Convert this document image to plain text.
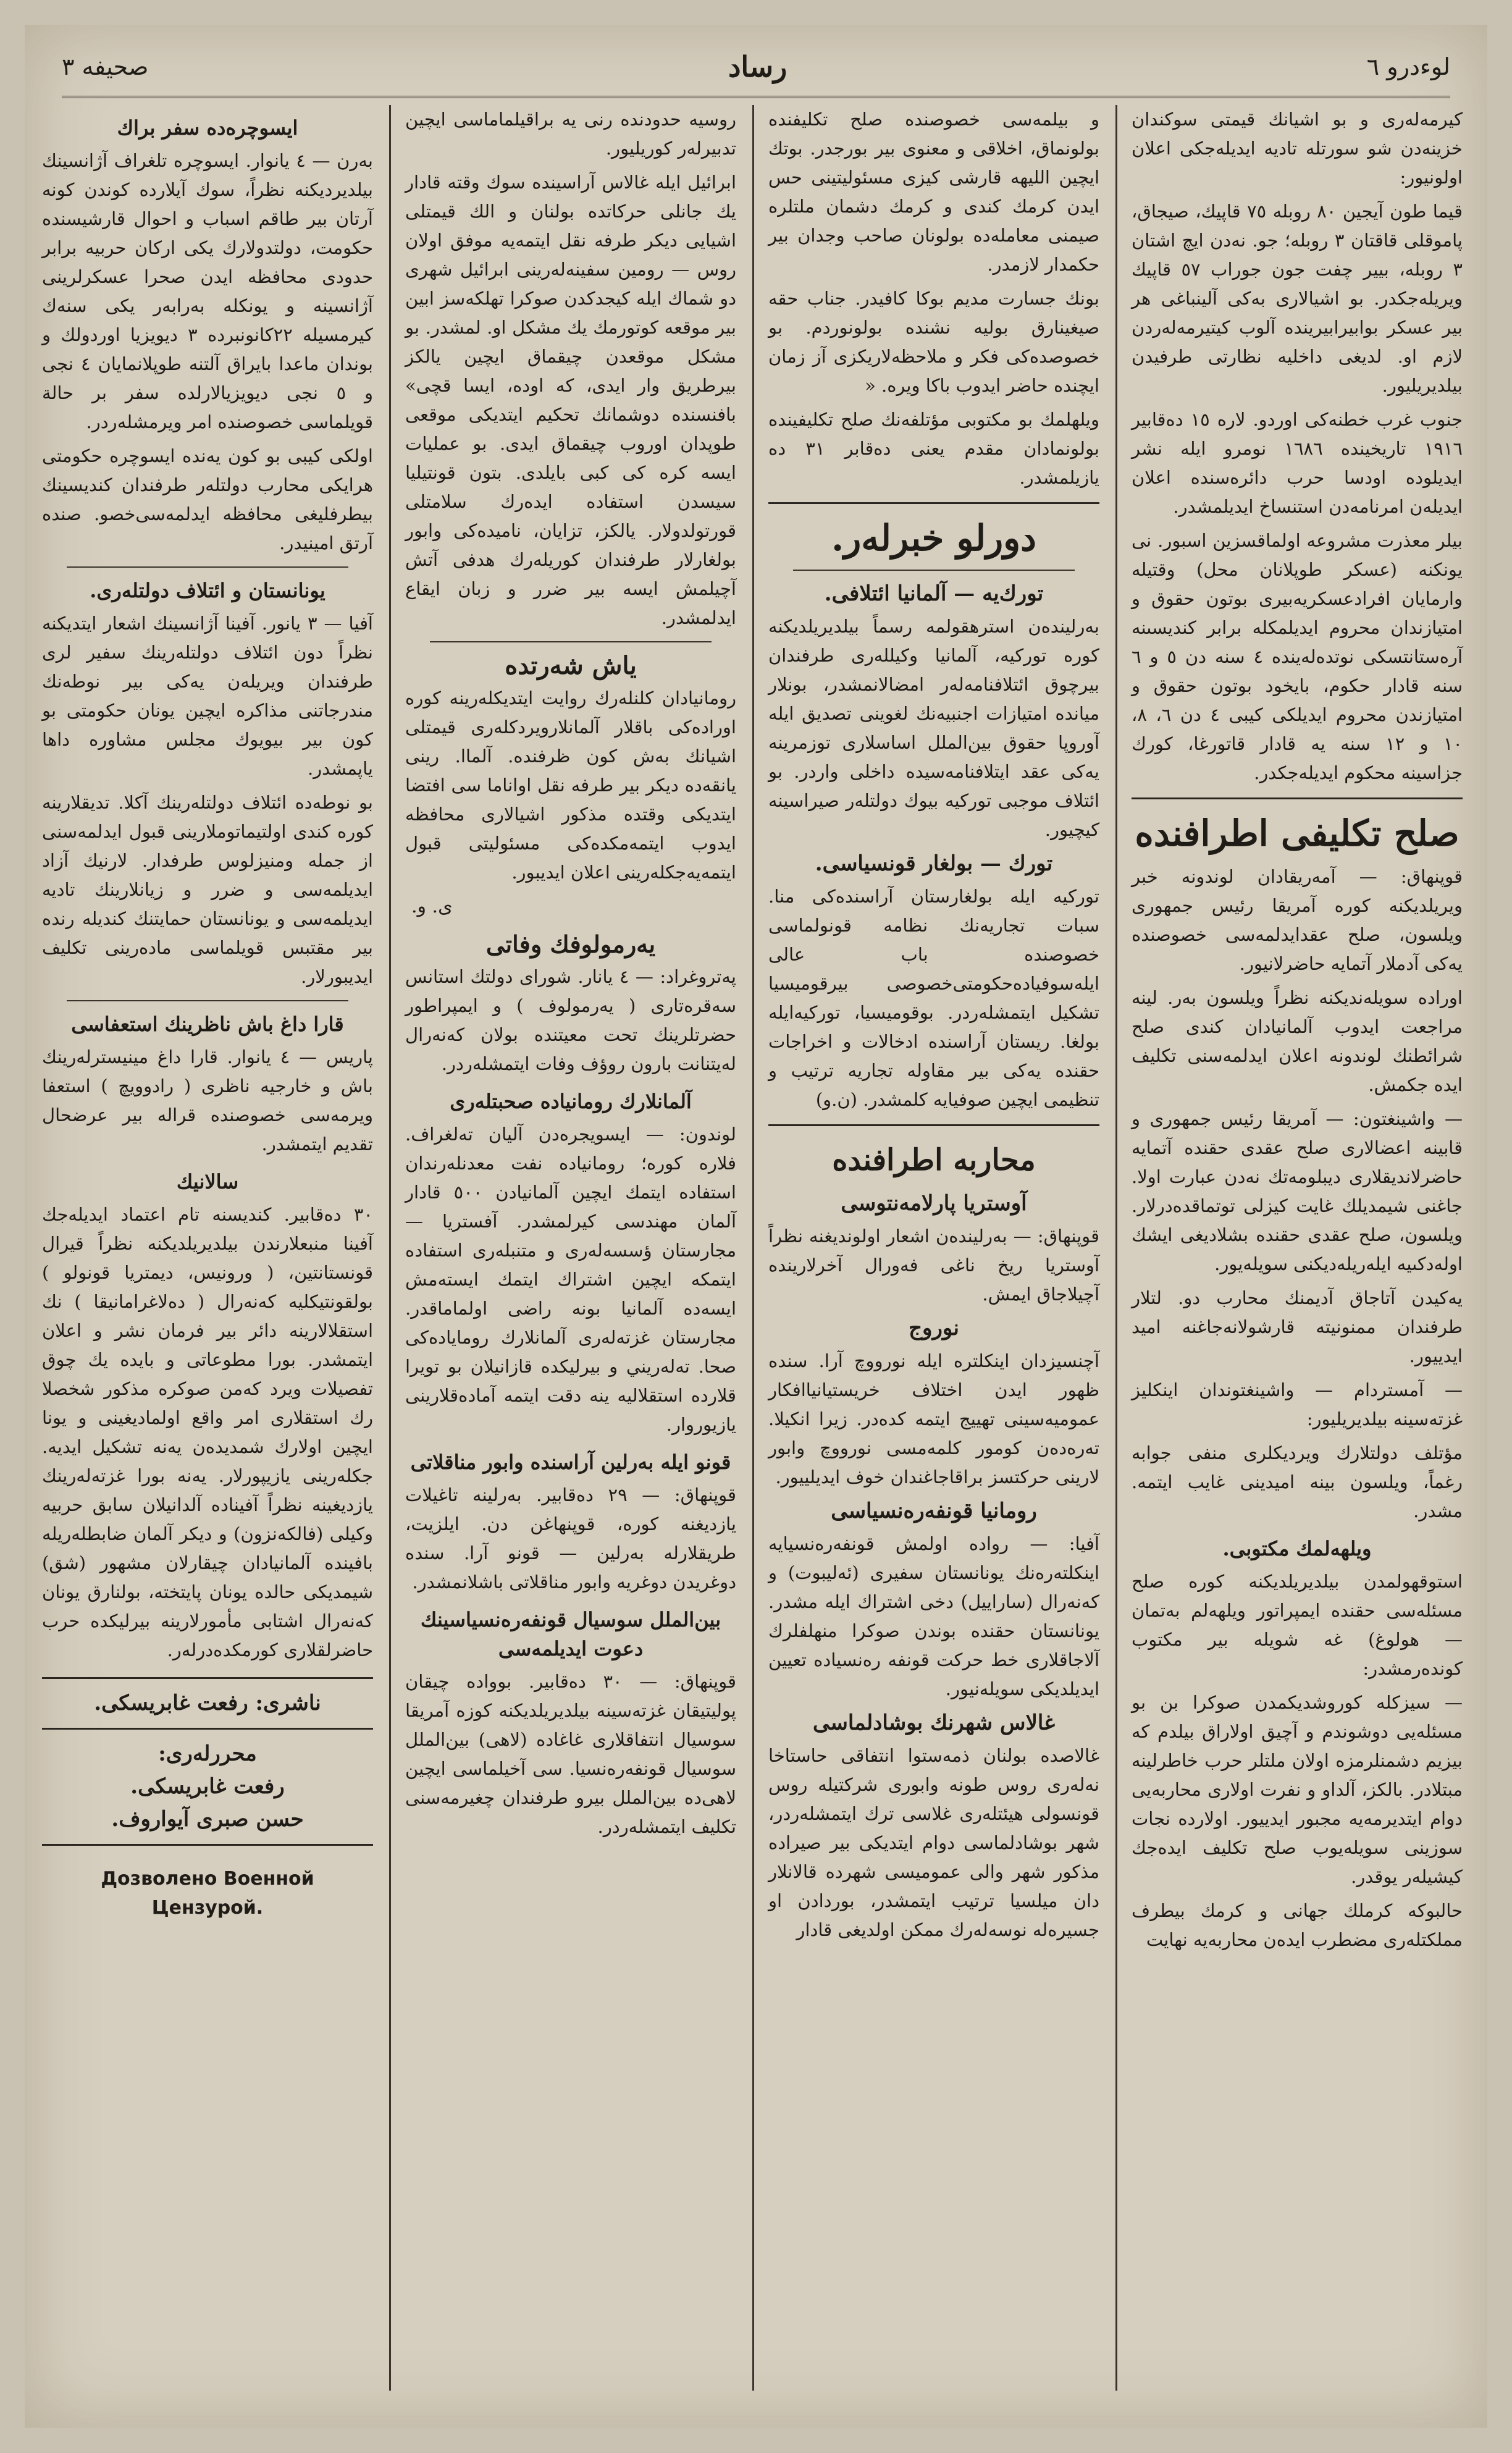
صحيفه ٣	رساد	لوءدرو ٦
ايسوچرەده سفر براك

بەرن — ٤ يانوار. ايسوچره تلغراف آژانسينك بيلديرديكنه نظراً، سوك آيلارده كوندن كونه آرتان بير طاقم اسباب و احوال قارشيسنده حكومت، دولتدولارك يكى اركان حربيه برابر حدودى محافظه ايدن صحرا عسكرلرينى آژانسينه و يونكله بەرابەر يكى سنەك كيرمسيلە ٢٢كانونبرده ٣ ديويزيا اوردولك و بوندان ماعدا بايراق آلتنه طوپلانمايان ٤ نجى و ٥ نجى ديويزيالارلده سفر بر حالة قويلماسى خصوصنده امر ويرمشلەردر.

اولكى كيبى بو كون يەنده ايسوچره حكومتى هرايكى محارب دولتلەر طرفندان كنديسينك بيطرفليغى محافظه ايدلمەسى‌خصو. صنده آرتق امينيدر.

يونانستان و ائتلاف دولتلەرى.

آفيا — ٣ يانور. آفينا آژانسينك اشعار ايتديكنه نظراً دون ائتلاف دولتلەرينك سفير لرى طرفندان ويريلەن يەكى بير نوطەنك مندرجاتنى مذاكره ايچين يونان حكومتى بو كون بير بيويوك مجلس مشاوره داها ياپمشدر.

بو نوطەدە ائتلاف دولتلەرينك آكلا. تديقلارينه كوره كندى اولتيماتوملارينى قبول ايدلمەسنى از جمله ومنيزلوس طرفدار. لارنيك آزاد ايديلمەسى و ضرر و زيانلارينك تاديه ايديلمەسى و يونانستان حمايتنك كنديله رنده بير مقتبس قويلماسى مادەرينى تكليف ايديبورلار.

قارا داغ باش ناظرينك استعفاسى

پاريس — ٤ يانوار. قارا داغ مينيسترلەرينك باش و خارجيه ناظرى ( رادوويچ ) استعفا ويرمەسى خصوصنده قراله بير عرضحال تقديم ايتمشدر.

سالانيك

٣٠ دەقابير. كنديسنه تام اعتماد ايديلەجك آفينا منبعلارندن بيلديريلديكنه نظراً قيرال قونستانتين، ( ورونيس، ديمتريا قونولو ) بولقونتيكليه كەنەرال ( دەلاغرامانيقا ) نك استقلالارينه دائر بير فرمان نشر و اعلان ايتمشدر. بورا مطوعاتى و بايده يك چوق تفصيلات ويرد كەمن صوكره مذكور شخصلا رك استقلارى امر واقع اولماديغينى و يونا ايچين اولارك شمديدەن يەنه تشكيل ايديە. جكلەرينى يازيپورلار. يەنه بورا غزتەلەرينك يازديغينه نظراً آفيناده آلدانيلان سابق حربيه وكيلى (فالكەنزون) و ديكر آلمان ضابطلەريله بافينده آلمانيادان چيقارلان مشهور (شق) شيمديكى حالده يونان پايتخته، بولنارق يونان كەنەرال اشتابى مأمورلارينه بيرليكده حرب حاضرلقلارى كورمكده‌درلەر.

ناشرى: رفعت غابريسكى.
محررلەرى:
رفعت غابريسكى.
حسن صبرى آيواروف.
Дозволено Военной Цензурой.

روسيه حدودنده رنى يه براقيلماماسى ايچين تدبيرلەر كوريليور.

ابرائيل ايلە غالاس آراسينده سوك وقته قادار يك جانلى حركاتده بولنان و الك قيمتلى اشيايى ديكر طرفه نقل ايتمەيه موفق اولان روس — رومين سفينەلەرينى ابرائيل شهرى دو شماك ايله كيجدكدن صوكرا تهلكەسز ابين بير موقعه كوتورمك يك مشكل او. لمشدر. بو مشكل موقعدن چيقماق ايچين يالكز بيرطريق وار ايدى، كه اوده، ايسا قچى» بافنسنده دوشمانك تحكيم ايتديكى موقعى طوپدان اوروب چيقماق ايدى. بو عمليات ايسه كره كى كبى بايلدى. بتون قونتيليا سيسدن استفاده ايدەرك سلامتلى قورتولدولار. يالكز، تزايان، ناميده‌كى وابور بولغارلار طرفندان كوريلەرك هدفى آتش آچيلمش ايسه بير ضرر و زبان ايقاع ايدلمشدر.

ياش شەرتدە

رومانيادان كلنلەرك روايت ايتديكلەرينه كوره اوراده‌كى باقلار آلمانلاروير‌دكلەرى قيمتلى اشيانك بەش كون ظرفنده. آلماا. رينى يانقەدە ديكر بير طرفه نقل اواناما سى افتضا ايتديكى وقتده مذكور اشيالارى محافظه ايدوب ايتمەمكده‌كى مسئوليتى قبول ايتمەيەجكلەرينى اعلان ايديبور.

ى. و.
يەرمولوفك وفاتى

پەتروغراد: — ٤ يانار. شوراى دولتك استانس سەقرەتارى ( يەرمولوف ) و ايمپراطور حضرتلرينك تحت معيتنده بولان كەنەرال لەيتنانت بارون روؤف وفات ايتمشلەردر.

آلمانلارك رومانياده صحبتلەرى

لوندون: — ايسويجرەدن آليان تەلغراف. فلاره كوره؛ رومانياده نفت معدنلەرندان استفاده ايتمك ايچين آلمانيادن ٥٠٠ قادار آلمان مهندسى كيرلمشدر. آفستريا — مجارستان ؤسسەلەرى و متنبلەرى استفاده ايتمكه ايچين اشتراك ايتمك ايستەمش ايسەده آلمانيا بونه راضى اولماماقدر. مجارستان غزتەلەرى آلمانلارك روماياده‌كى صحا. تەلەريني و بيرليكده قازانيلان بو تويرا قلارده استقلاليه ينه دقت ايتمه آماده‌قلارينى يازيوروار.

قونو ايلە بەرلين آراسنده وابور مناقلاتى

قوپنهاق: — ٢٩ دەقابير. بەرلينه تاغيلات يازديغنه كوره، قوپنهاغن دن. ايلزيت، طريقلارلە بەرلين — قونو آرا. سنده دوغريدن دوغريه وابور مناقلاتى باشلانمشدر.

بين‌الملل سوسيال قونفەرەنسياسينك دعوت ايديلمەسى

قوپنهاق: — ٣٠ دەقابير. بووادە چيقان پوليتيقان غزتەسينه بيلديريلديكنه كوزه آمريقا سوسيال انتفاقلارى غاغاده (لاهى) بين‌الملل سوسيال قونفەرەنسيا. سى آخيلماسى ايچين لاهى‌ده بين‌الملل بيرو طرفندان چغيرمەسنى تكليف ايتمشلەردر.

و بيلمەسى خصوصنده صلح تكليفنده بولونماق، اخلاقى و معنوى بير بورجدر. بوتك ايچين الليهه قارشى كيزى مسئوليتينى حس ايدن كرمك كندى و كرمك دشمان ملتلرە صيمنى معاملەدە بولونان صاحب وجدان بير حكمدار لازمدر.

بونك جسارت مديم بوكا كافيدر. جناب حقه صيغينارق بوليه نشنده بولونوردم. بو خصوصدەكى فكر و ملاحظەلاريكزى آز زمان ايچنده حاضر ايدوب باكا ويره. «

ويلهلمك بو مكتوبى مؤتلفەنك صلح تكليفينده بولونمادان مقدم يعنى دەقابر ٣١ دە يازيلمشدر.

دورلو خبرلەر.
تورك‌يه — آلمانيا ائتلافى.

بەرلينده‌ن استرهقولمه رسماً بيلديريلديكنه كوره توركيه، آلمانيا وكيللەرى طرفندان بيرچوق ائتلافنامەلەر امضالانمشدر، بونلار ميانده امتيازات اجنبيەنك لغوينى تصديق ايله آوروپا حقوق بين‌الملل اساسلارى توزمرينه يەكى عقد ايتلافنامەسيده داخلى واردر. بو ائتلاف موجبى توركيه بيوك دولتلەر صيراسينه كيچيور.

تورك — بولغار قونسياسى.

توركيه ايله بولغارستان آراسنده‌كى منا. سبات تجاريەنك نظامه قونولماسى خصوصنده باب عالى ايلەسوفيادەحكومتى‌خصوصى بيرقوميسيا تشكيل ايتمشلەردر. بوقوميسيا، توركيه‌ايلە بولغا. ريستان آراسنده ادخالات و اخراجات حقنده يەكى بير مقاوله تجاريه ترتيب و تنظيمى ايچين صوفيايه كلمشدر. (ن.و)

محاربه اطرافنده
آوستريا پارلامەنتوسى

قوپنهاق: — بەرليندەن اشعار اولونديغنه نظراً آوستريا ريخ ناغى فەورال آخرلارينده آچيلاجاق ايمش.

نورو‌ج

آچنسيزدان اينكلترە ايله نورووچ آرا. سنده ظهور ايدن اختلاف خريستيانياافكار عمومیەسینى تهيیج ايتمه كده‌در. زيرا انكيلا. تەرەدەن كومور كلمەمسى نورووچ وابور لارينى حركتسز براقاجاغندان خوف ايديلييور.

رومانيا قونفەرەنسياسى

آفيا: — روادە اولمش قونفەرەنسيايه اينكلتەرەنك يونانستان سفيرى (ئەليبوت) و كەنەرال (ساراييل) دخى اشتراك ايله مشدر. يونانستان حقنده بوندن صوكرا منهلفلرك آلاجاقلارى خط حركت قونفه رەنسيادە تعيين ايديلديكى سويلەنيور.

غالاس شهرنك بوشادلماسى

غالاصده بولنان ذمەستوا انتفاقى حاستاخا نەلەرى روس طونه وابورى شركتيله روس قونسولى هيئتلەرى غلاسى ترك ايتمشلەردر، شهر بوشادلماسى دوام ايتديكى بير صيرادە مذكور شهر والى عموميسى شهردە قالانلار دان ميلسيا ترتيب ايتمشدر، بوردادن او جسيرەلە نوسەلەرك ممكن اولديغى قادار

كيرمەلەرى و بو اشيانك قيمتى سوكندان خزينەدن شو سورتلە تاديه ايديلەجكى اعلان اولونيور:

قيما طون آيجين ٨٠ روبلە ٧٥ قاپيك، صيجاق، پاموقلى قاقتان ٣ روبلە؛ جو. نەدن ايچ اشتان ٣ روبلە، بيير چفت جون جوراب ٥٧ قاپيك ويريلەجكدر. بو اشيالارى بەكى آلينباغى هر بير عسكر بوابيرابيرينده آلوب كيتيرمەلەردن لازم او. لديغى داخليه نظارتى طرفيدن بيلديريليور.

جنوب غرب خطنه‌كى اوردو. لاره ١٥ دەقابير ١٩١٦ تاريخيندە ١٦٨٦ نومرو ايلە نشر ايديلوده اودسا حرب دائرەسنده اعلان ايديلەن امرنامەدن استنساخ ايديلمشدر.

بيلر معذرت مشروعه اولماقسزين اسبور. نى يونكنه (عسكر طوپلانان محل) وقتيله وارمايان افرادعسكريەبيرى بوتون حقوق و امتيازندان محروم ايديلمكله برابر كنديسىنه آرەستانتسكى نوتدەلەيندە ٤ سنه دن ٥ و ٦ سنه قادار حكوم، بايخود بوتون حقوق و امتيازندن محروم ايديلكى كيبى ٤ دن ٦، ٨، ١٠ و ١٢ سنه يە قادار قاتورغا، كورك جزاسينه محكوم ايديلەجكدر.

صلح تكليفى اطرافنده

قوپنهاق: — آمەريقادان لوندونه خبر ويريلديكنه كوره آمريقا رئيس جمهورى ويلسون، صلح عقدايدلمەسى خصوصنده يەكى آدملار آتمايه حاضرلانيور.

اورادە سويلەنديكنه نظراً ويلسون بەر. لينه مراجعت ايدوب آلمانيادان كندى صلح شرائطنك لوندونه اعلان ايدلمەسنى تكليف ايده جكمش.

— واشينغتون: — آمريقا رئيس جمهورى و قابينه اعضالارى صلح عقدى حقنده آتمايه حاضرلانديقلارى ديبلومەتك نەدن عبارت اولا. جاغنى شيمديلك غايت كيزلى توتماقدەدرلار. ويلسون، صلح عقدى حقنده بشلاديغى ايشك اولەدكىيە ايلەريلەديكنى سويلەيور.

يەكيدن آتاجاق آديمنك محارب دو. لتلار طرفندان ممنونيته قارشولانەجاغنه اميد ايدييور.

— آمستردام — واشينغتوندان اينكليز غزتەسينه بيلديريليور:

مؤتلف دولتلارك ويرديكلرى منفى جوابه رغماً، ويلسون بينه اميدينى غايب ايتمه. مشدر.

ويلهەلمك مكتوبى.

استوقهولمدن بيلديريلديكنه كوره صلح مسئلەسى حقنده ايمپراتور ويلهەلم بەتمان — هولوغ) غه شويله بير مكتوب كوندەرمشدر:

— سيزكله كوروشديكمدن صوكرا بن بو مسئلەيى دوشوندم و آچيق اولاراق بيلدم كە بيزيم دشمنلرمزه اولان ملتلر حرب خاطرلينه مبتلادر. بالكز، آلداو و نفرت اولارى محاربەيى دوام ايتديرمەيە مجبور ايدييور. اولارده نجات سوزينى سويلەيوب صلح تكليف ايدەجك كيشيلەر يوقدر.

حالبوكه كرملك جهانى و كرمك بيطرف مملكتلەرى مضطرب ايدەن محاربەيه نهايت
